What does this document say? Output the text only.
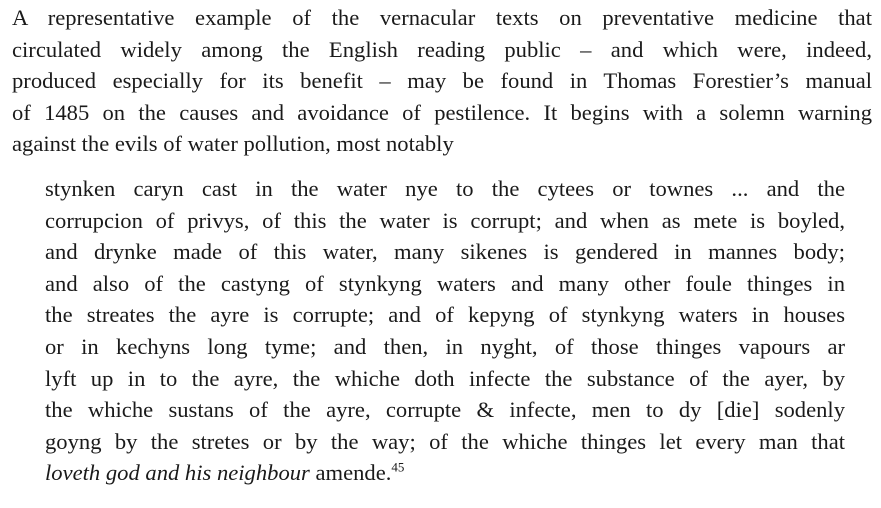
A representative example of the vernacular texts on preventative medicine that
circulated widely among the English reading public – and which were, indeed,
produced especially for its benefit – may be found in Thomas Forestier’s manual
of 1485 on the causes and avoidance of pestilence. It begins with a solemn warning
against the evils of water pollution, most notably
stynken caryn cast in the water nye to the cytees or townes ... and the
corrupcion of privys, of this the water is corrupt; and when as mete is boyled,
and drynke made of this water, many sikenes is gendered in mannes body;
and also of the castyng of stynkyng waters and many other foule thinges in
the streates the ayre is corrupte; and of kepyng of stynkyng waters in houses
or in kechyns long tyme; and then, in nyght, of those thinges vapours ar
lyft up in to the ayre, the whiche doth infecte the substance of the ayer, by
the whiche sustans of the ayre, corrupte & infecte, men to dy [die] sodenly
goyng by the stretes or by the way; of the whiche thinges let every man that
loveth god and his neighbour amende.$^{45}$
